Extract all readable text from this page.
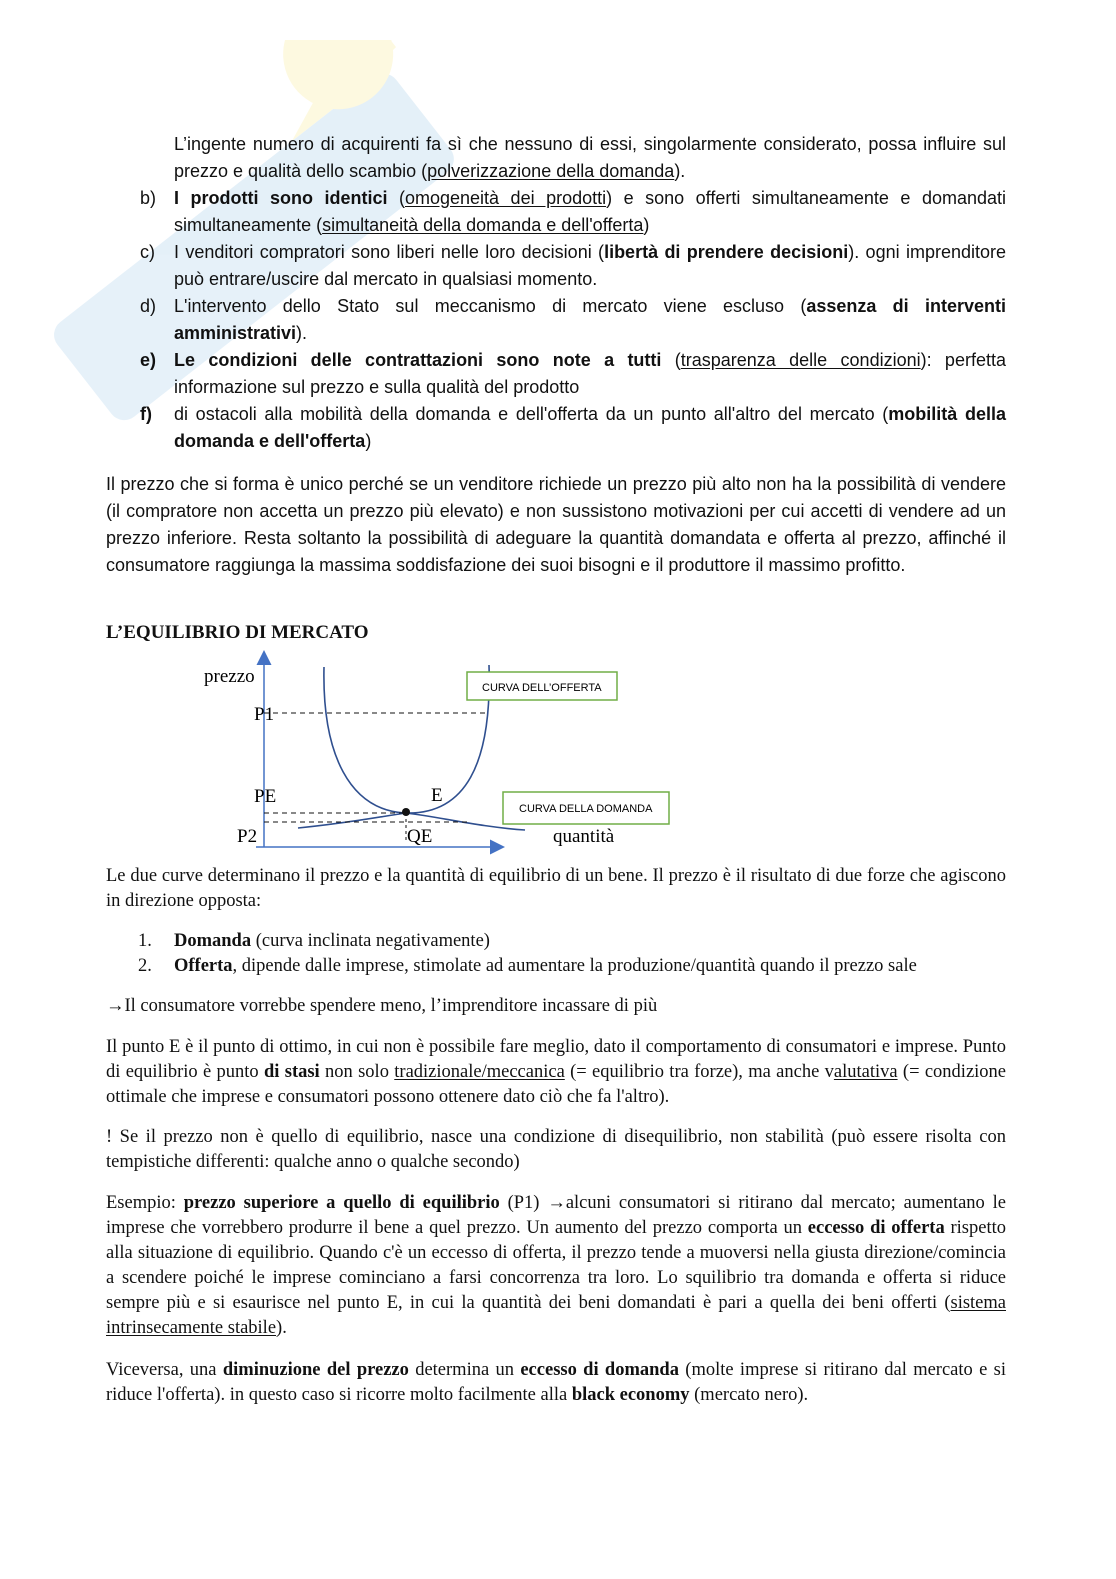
L’ingente numero di acquirenti fa sì che nessuno di essi, singolarmente considerato, possa influire sul prezzo e qualità dello scambio (polverizzazione della domanda).
b) I prodotti sono identici (omogeneità dei prodotti) e sono offerti simultaneamente e domandati simultaneamente (simultaneità della domanda e dell'offerta)
c) I venditori compratori sono liberi nelle loro decisioni (libertà di prendere decisioni). ogni imprenditore può entrare/uscire dal mercato in qualsiasi momento.
d) L'intervento dello Stato sul meccanismo di mercato viene escluso (assenza di interventi amministrativi).
e) Le condizioni delle contrattazioni sono note a tutti (trasparenza delle condizioni): perfetta informazione sul prezzo e sulla qualità del prodotto
f) di ostacoli alla mobilità della domanda e dell'offerta da un punto all'altro del mercato (mobilità della domanda e dell'offerta)
Il prezzo che si forma è unico perché se un venditore richiede un prezzo più alto non ha la possibilità di vendere (il compratore non accetta un prezzo più elevato) e non sussistono motivazioni per cui accetti di vendere ad un prezzo inferiore. Resta soltanto la possibilità di adeguare la quantità domandata e offerta al prezzo, affinché il consumatore raggiunga la massima soddisfazione dei suoi bisogni e il produttore il massimo profitto.
L’EQUILIBRIO DI MERCATO
prezzo
quantità
P1
PE
P2	QE
E
CURVA DELL’OFFERTA
CURVA DELLA DOMANDA
Le due curve determinano il prezzo e la quantità di equilibrio di un bene. Il prezzo è il risultato di due forze che agiscono in direzione opposta:
1. Domanda (curva inclinata negativamente)
2. Offerta, dipende dalle imprese, stimolate ad aumentare la produzione/quantità quando il prezzo sale
→Il consumatore vorrebbe spendere meno, l’imprenditore incassare di più
Il punto E è il punto di ottimo, in cui non è possibile fare meglio, dato il comportamento di consumatori e imprese. Punto di equilibrio è punto di stasi non solo tradizionale/meccanica (= equilibrio tra forze), ma anche valutativa (= condizione ottimale che imprese e consumatori possono ottenere dato ciò che fa l'altro).
! Se il prezzo non è quello di equilibrio, nasce una condizione di disequilibrio, non stabilità (può essere risolta con tempistiche differenti: qualche anno o qualche secondo)
Esempio: prezzo superiore a quello di equilibrio (P1) →alcuni consumatori si ritirano dal mercato; aumentano le imprese che vorrebbero produrre il bene a quel prezzo. Un aumento del prezzo comporta un eccesso di offerta rispetto alla situazione di equilibrio. Quando c'è un eccesso di offerta, il prezzo tende a muoversi nella giusta direzione/comincia a scendere poiché le imprese cominciano a farsi concorrenza tra loro. Lo squilibrio tra domanda e offerta si riduce sempre più e si esaurisce nel punto E, in cui la quantità dei beni domandati è pari a quella dei beni offerti (sistema intrinsecamente stabile).
Viceversa, una diminuzione del prezzo determina un eccesso di domanda (molte imprese si ritirano dal mercato e si riduce l'offerta). in questo caso si ricorre molto facilmente alla black economy (mercato nero).
